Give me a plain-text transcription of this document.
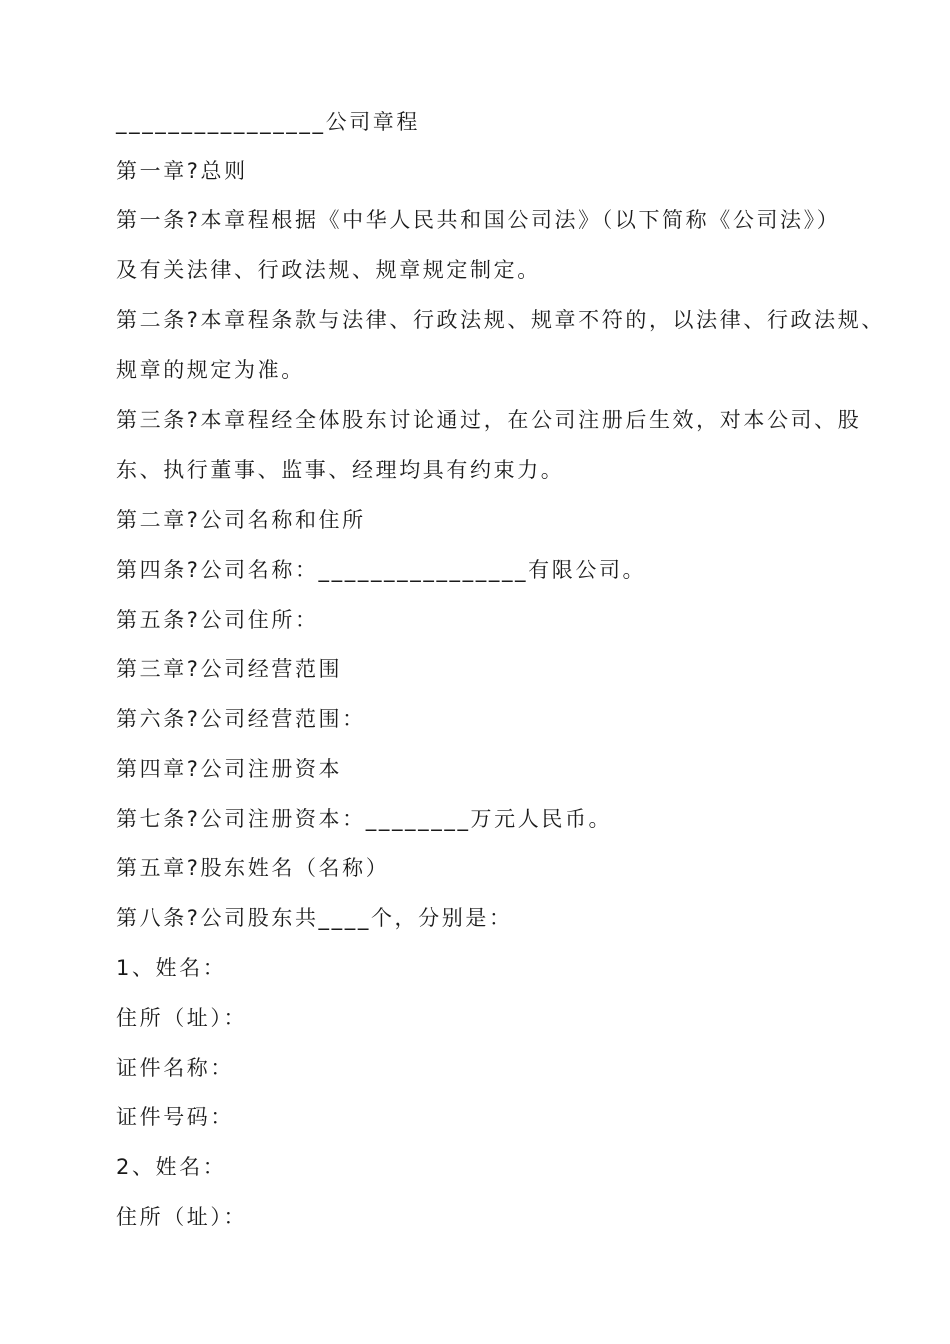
________________公司章程
第一章?总则
第一条?本章程根据《中华人民共和国公司法》（以下简称《公司法》）
及有关法律、行政法规、规章规定制定。
第二条?本章程条款与法律、行政法规、规章不符的，以法律、行政法规、
规章的规定为准。
第三条?本章程经全体股东讨论通过，在公司注册后生效，对本公司、股
东、执行董事、监事、经理均具有约束力。
第二章?公司名称和住所
第四条?公司名称：________________有限公司。
第五条?公司住所：
第三章?公司经营范围
第六条?公司经营范围：
第四章?公司注册资本
第七条?公司注册资本：________万元人民币。
第五章?股东姓名（名称）
第八条?公司股东共____个，分别是：
1、姓名：
住所（址）：
证件名称：
证件号码：
2、姓名：
住所（址）：
